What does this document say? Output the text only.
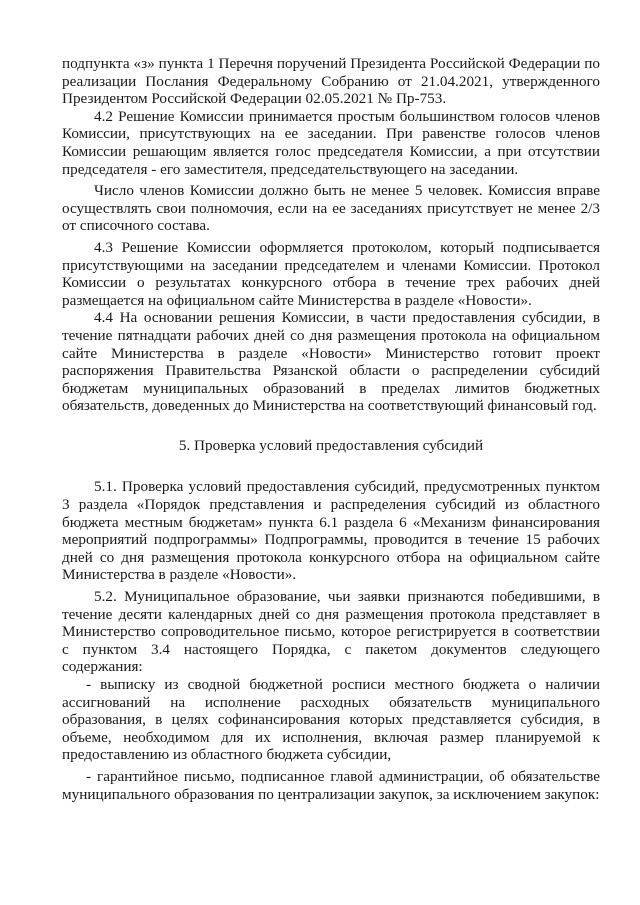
подпункта «з» пункта 1 Перечня поручений Президента Российской Федерации по реализации Послания Федеральному Собранию от 21.04.2021, утвержденного Президентом Российской Федерации 02.05.2021 № Пр-753.

4.2 Решение Комиссии принимается простым большинством голосов членов Комиссии, присутствующих на ее заседании. При равенстве голосов членов Комиссии решающим является голос председателя Комиссии, а при отсутствии председателя - его заместителя, председательствующего на заседании.

Число членов Комиссии должно быть не менее 5 человек. Комиссия вправе осуществлять свои полномочия, если на ее заседаниях присутствует не менее 2/3 от списочного состава.

4.3 Решение Комиссии оформляется протоколом, который подписывается присутствующими на заседании председателем и членами Комиссии. Протокол Комиссии о результатах конкурсного отбора в течение трех рабочих дней размещается на официальном сайте Министерства в разделе «Новости».

4.4 На основании решения Комиссии, в части предоставления субсидии, в течение пятнадцати рабочих дней со дня размещения протокола на официальном сайте Министерства в разделе «Новости» Министерство готовит проект распоряжения Правительства Рязанской области о распределении субсидий бюджетам муниципальных образований в пределах лимитов бюджетных обязательств, доведенных до Министерства на соответствующий финансовый год.

5. Проверка условий предоставления субсидий

5.1. Проверка условий предоставления субсидий, предусмотренных пунктом 3 раздела «Порядок представления и распределения субсидий из областного бюджета местным бюджетам» пункта 6.1 раздела 6 «Механизм финансирования мероприятий подпрограммы» Подпрограммы, проводится в течение 15 рабочих дней со дня размещения протокола конкурсного отбора на официальном сайте Министерства в разделе «Новости».

5.2. Муниципальное образование, чьи заявки признаются победившими, в течение десяти календарных дней со дня размещения протокола представляет в Министерство сопроводительное письмо, которое регистрируется в соответствии с пунктом 3.4 настоящего Порядка, с пакетом документов следующего содержания:

- выписку из сводной бюджетной росписи местного бюджета о наличии ассигнований на исполнение расходных обязательств муниципального образования, в целях софинансирования которых представляется субсидия, в объеме, необходимом для их исполнения, включая размер планируемой к предоставлению из областного бюджета субсидии,

- гарантийное письмо, подписанное главой администрации, об обязательстве муниципального образования по централизации закупок, за исключением закупок:
